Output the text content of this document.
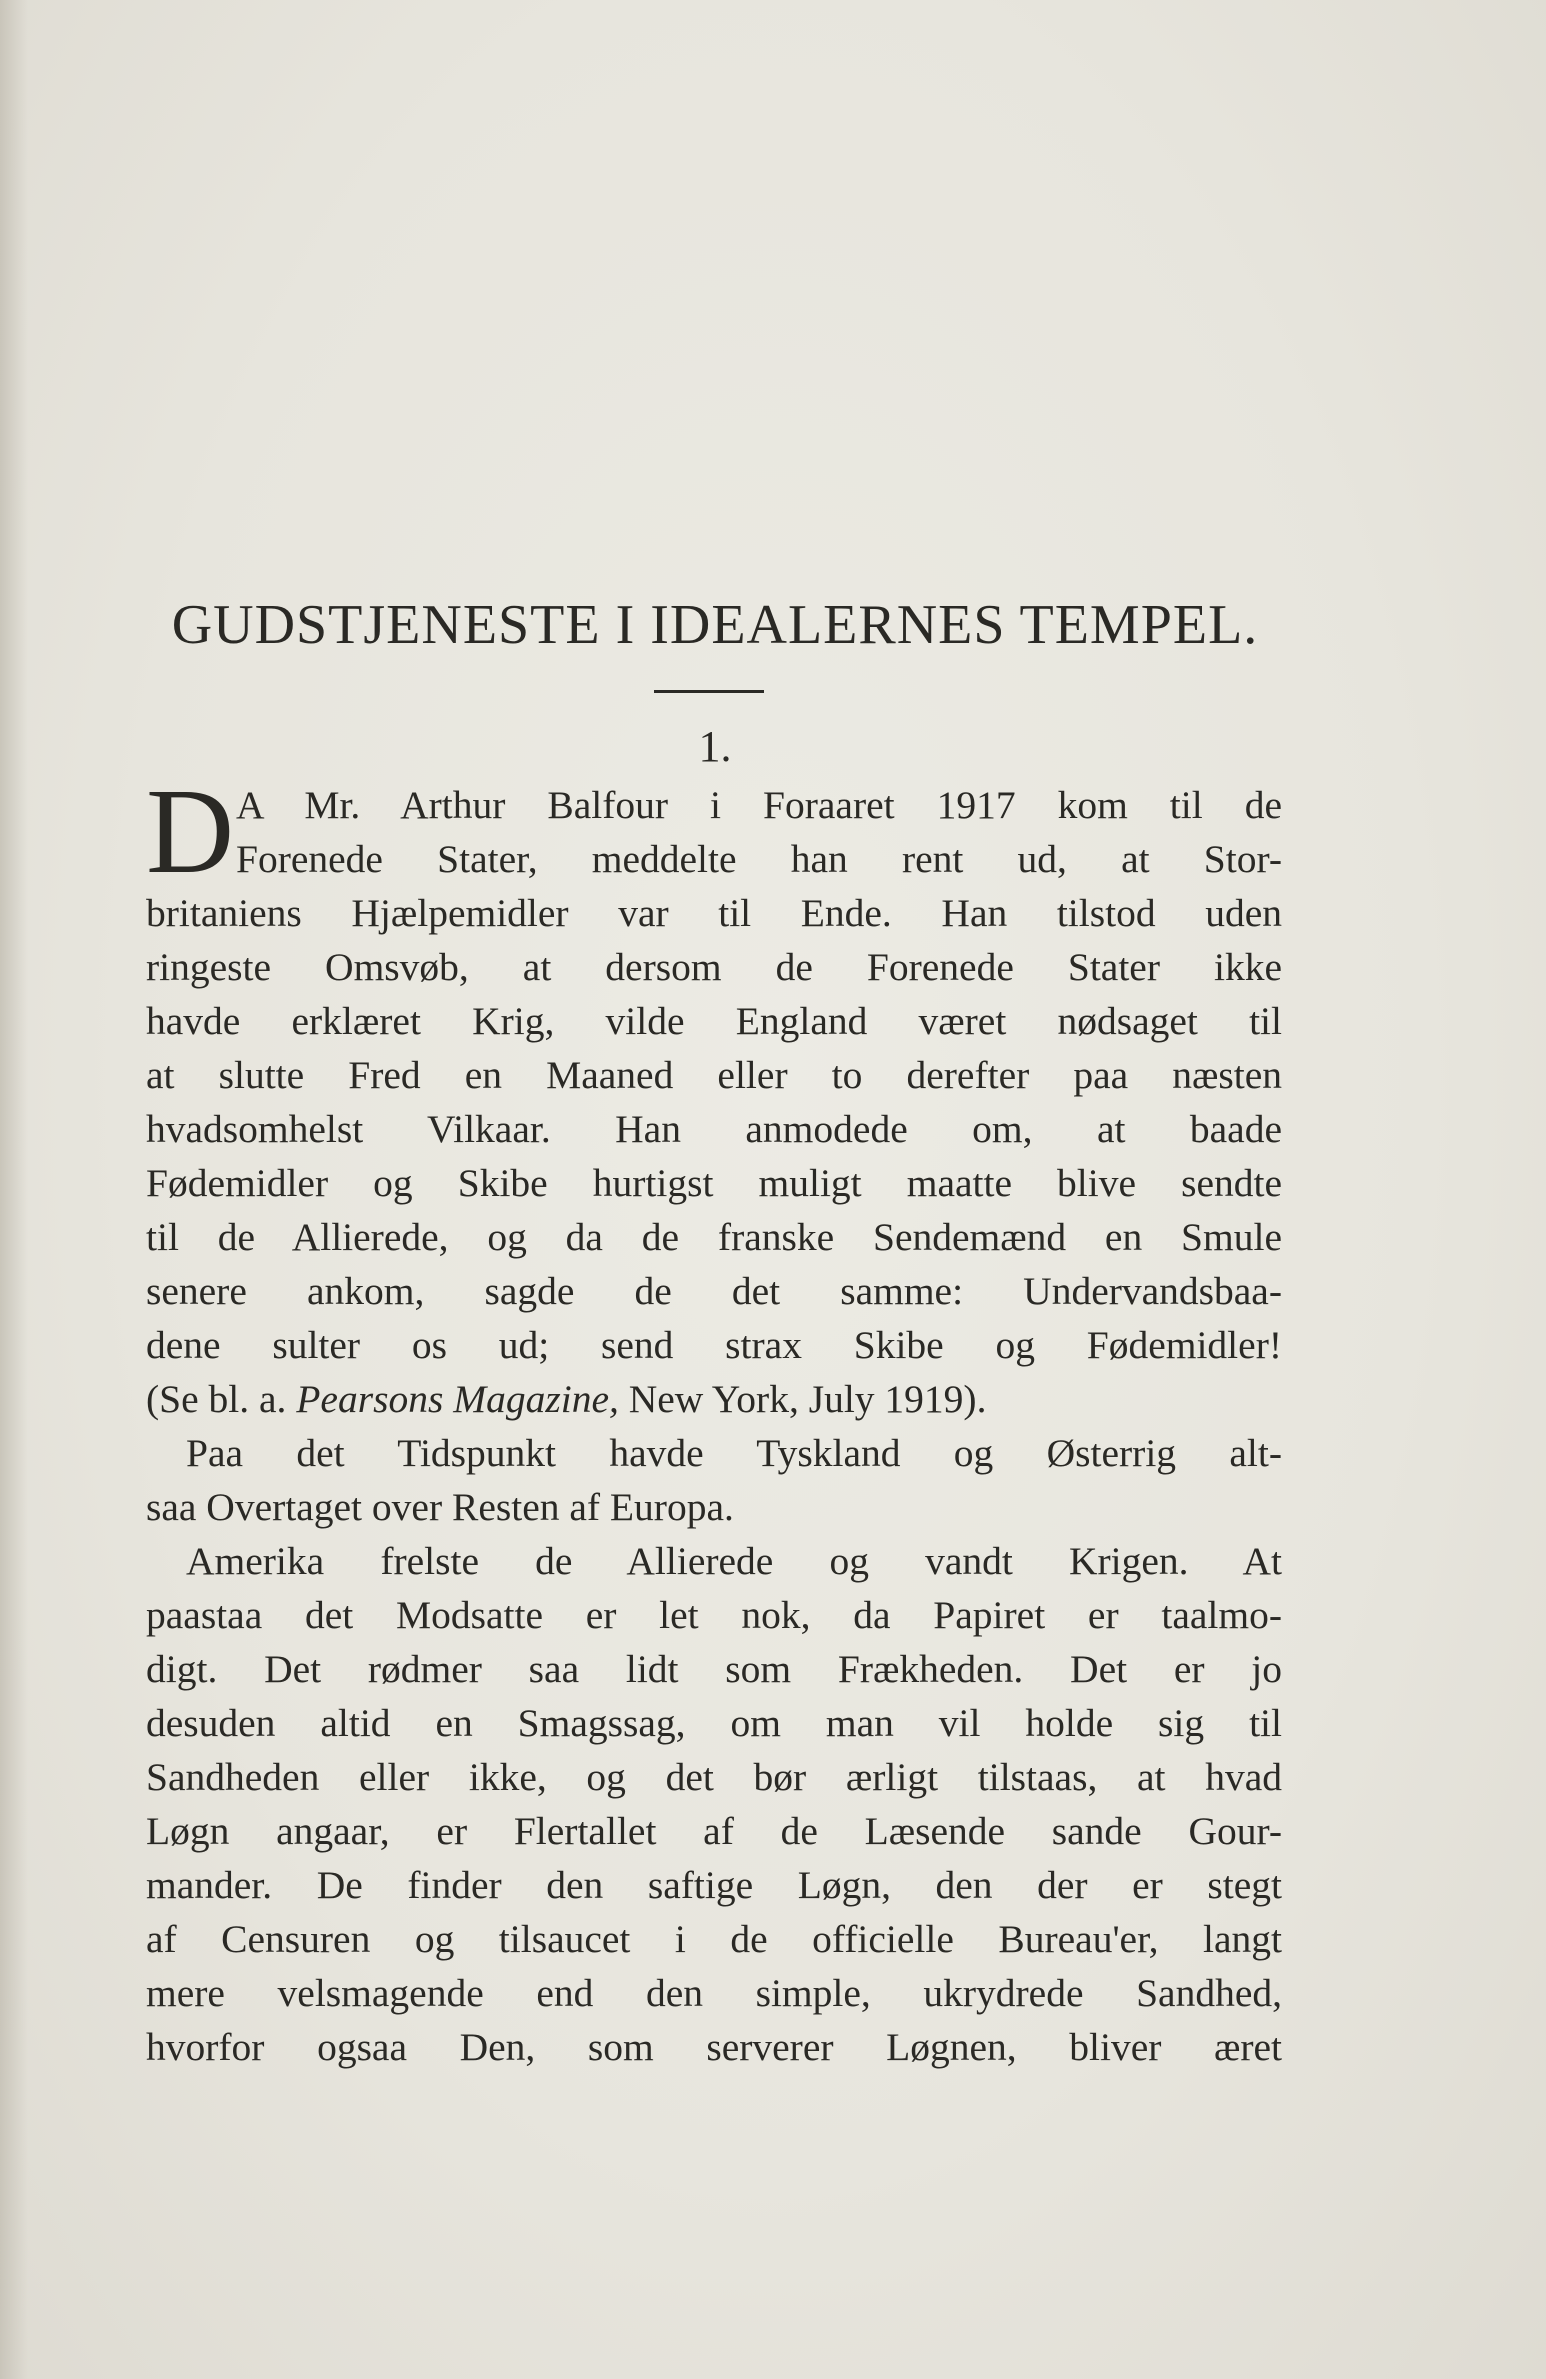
GUDSTJENESTE I IDEALERNES TEMPEL.
1.
D A Mr. Arthur Balfour i Foraaret 1917 kom til de
Forenede Stater, meddelte han rent ud, at Stor-
britaniens Hjælpemidler var til Ende. Han tilstod uden
ringeste Omsvøb, at dersom de Forenede Stater ikke
havde erklæret Krig, vilde England været nødsaget til
at slutte Fred en Maaned eller to derefter paa næsten
hvadsomhelst Vilkaar. Han anmodede om, at baade
Fødemidler og Skibe hurtigst muligt maatte blive sendte
til de Allierede, og da de franske Sendemænd en Smule
senere ankom, sagde de det samme: Undervandsbaa-
dene sulter os ud; send strax Skibe og Fødemidler!
(Se bl. a. Pearsons Magazine, New York, July 1919).
Paa det Tidspunkt havde Tyskland og Østerrig alt-
saa Overtaget over Resten af Europa.
Amerika frelste de Allierede og vandt Krigen. At
paastaa det Modsatte er let nok, da Papiret er taalmo-
digt. Det rødmer saa lidt som Frækheden. Det er jo
desuden altid en Smagssag, om man vil holde sig til
Sandheden eller ikke, og det bør ærligt tilstaas, at hvad
Løgn angaar, er Flertallet af de Læsende sande Gour-
mander. De finder den saftige Løgn, den der er stegt
af Censuren og tilsaucet i de officielle Bureau'er, langt
mere velsmagende end den simple, ukrydrede Sandhed,
hvorfor ogsaa Den, som serverer Løgnen, bliver æret
